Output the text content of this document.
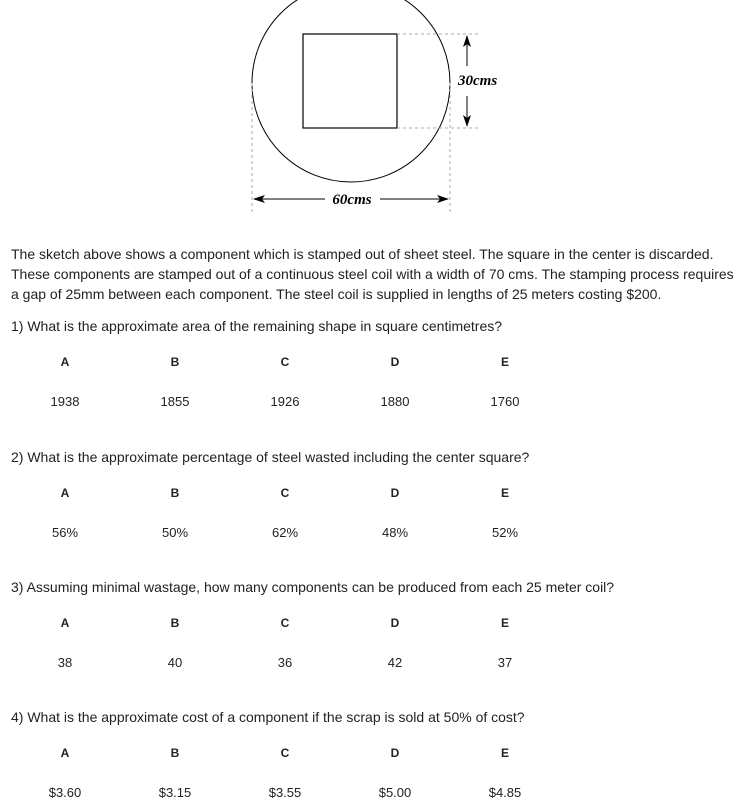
60cms
30cms
The sketch above shows a component which is stamped out of sheet steel. The square in the center is discarded. These components are stamped out of a continuous steel coil with a width of 70 cms. The stamping process requires a gap of 25mm between each component. The steel coil is supplied in lengths of 25 meters costing $200.
1) What is the approximate area of the remaining shape in square centimetres?
A
1938
B
1855
C
1926
D
1880
E
1760
2) What is the approximate percentage of steel wasted including the center square?
A
56%
B
50%
C
62%
D
48%
E
52%
3) Assuming minimal wastage, how many components can be produced from each 25 meter coil?
A
38
B
40
C
36
D
42
E
37
4) What is the approximate cost of a component if the scrap is sold at 50% of cost?
A
$3.60
B
$3.15
C
$3.55
D
$5.00
E
$4.85
